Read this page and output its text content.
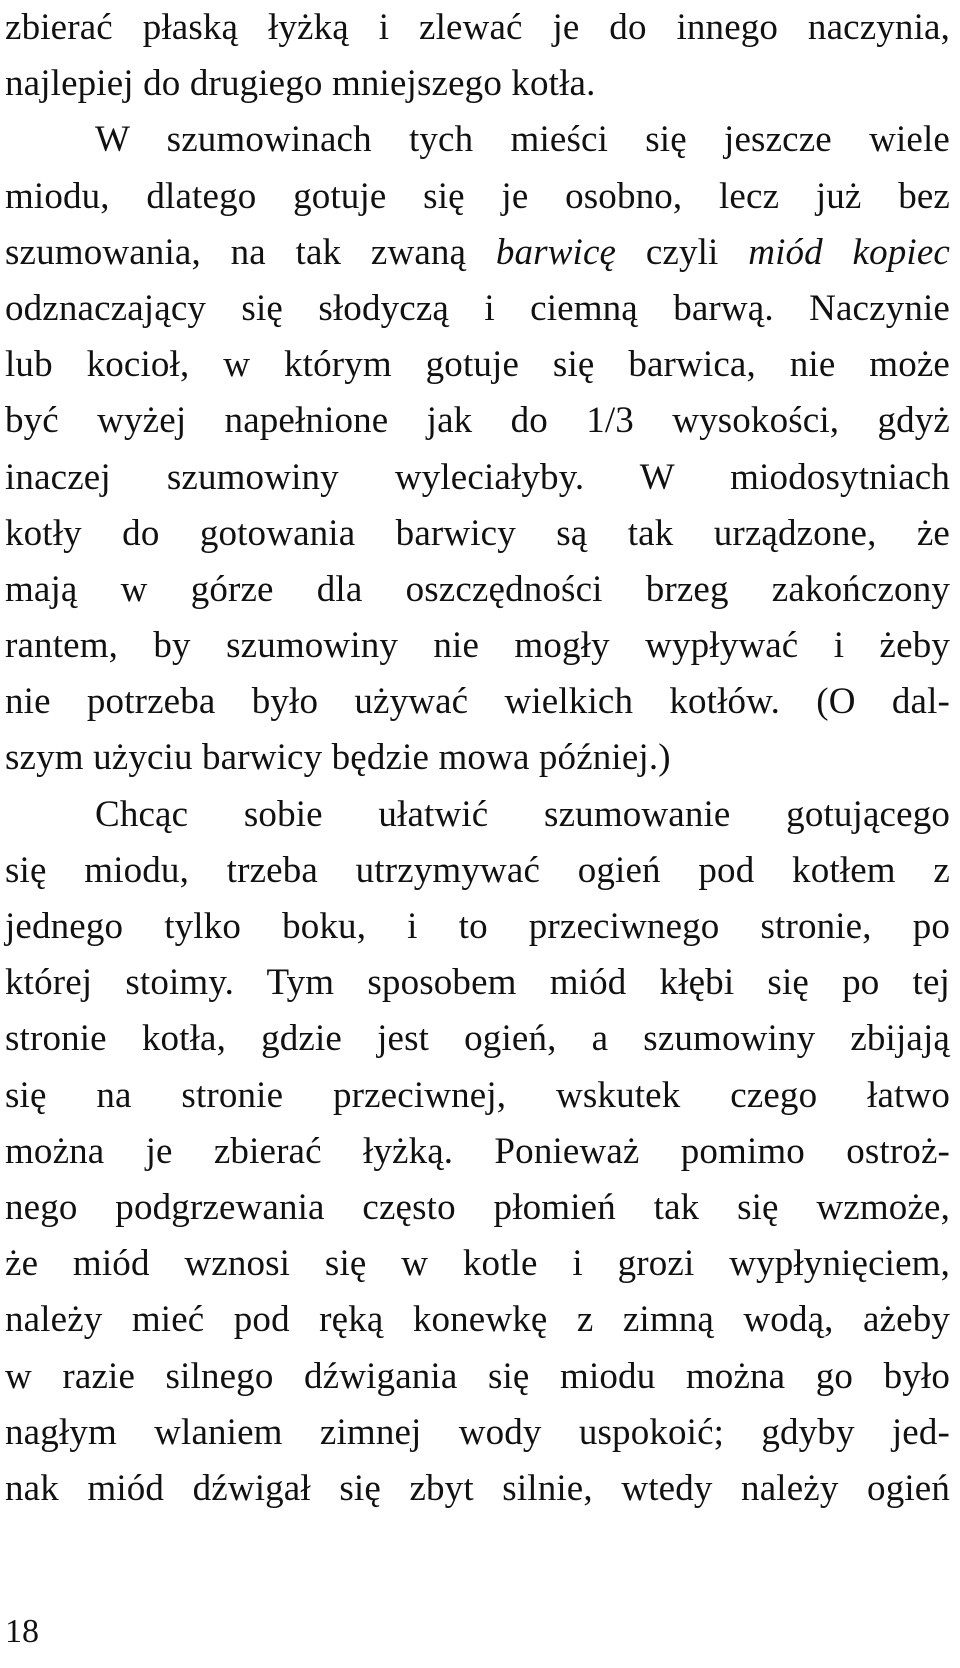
zbierać płaską łyżką i zlewać je do innego naczynia,
najlepiej do drugiego mniejszego kotła.
W szumowinach tych mieści się jeszcze wiele
miodu, dlatego gotuje się je osobno, lecz już bez
szumowania, na tak zwaną barwicę czyli miód kopiec
odznaczający się słodyczą i ciemną barwą. Naczynie
lub kocioł, w którym gotuje się barwica, nie może
być wyżej napełnione jak do 1/3 wysokości, gdyż
inaczej szumowiny wyleciałyby. W miodosytniach
kotły do gotowania barwicy są tak urządzone, że
mają w górze dla oszczędności brzeg zakończony
rantem, by szumowiny nie mogły wypływać i żeby
nie potrzeba było używać wielkich kotłów. (O dal-
szym użyciu barwicy będzie mowa później.)
Chcąc sobie ułatwić szumowanie gotującego
się miodu, trzeba utrzymywać ogień pod kotłem z
jednego tylko boku, i to przeciwnego stronie, po
której stoimy. Tym sposobem miód kłębi się po tej
stronie kotła, gdzie jest ogień, a szumowiny zbijają
się na stronie przeciwnej, wskutek czego łatwo
można je zbierać łyżką. Ponieważ pomimo ostroż-
nego podgrzewania często płomień tak się wzmoże,
że miód wznosi się w kotle i grozi wypłynięciem,
należy mieć pod ręką konewkę z zimną wodą, ażeby
w razie silnego dźwigania się miodu można go było
nagłym wlaniem zimnej wody uspokoić; gdyby jed-
nak miód dźwigał się zbyt silnie, wtedy należy ogień
18
